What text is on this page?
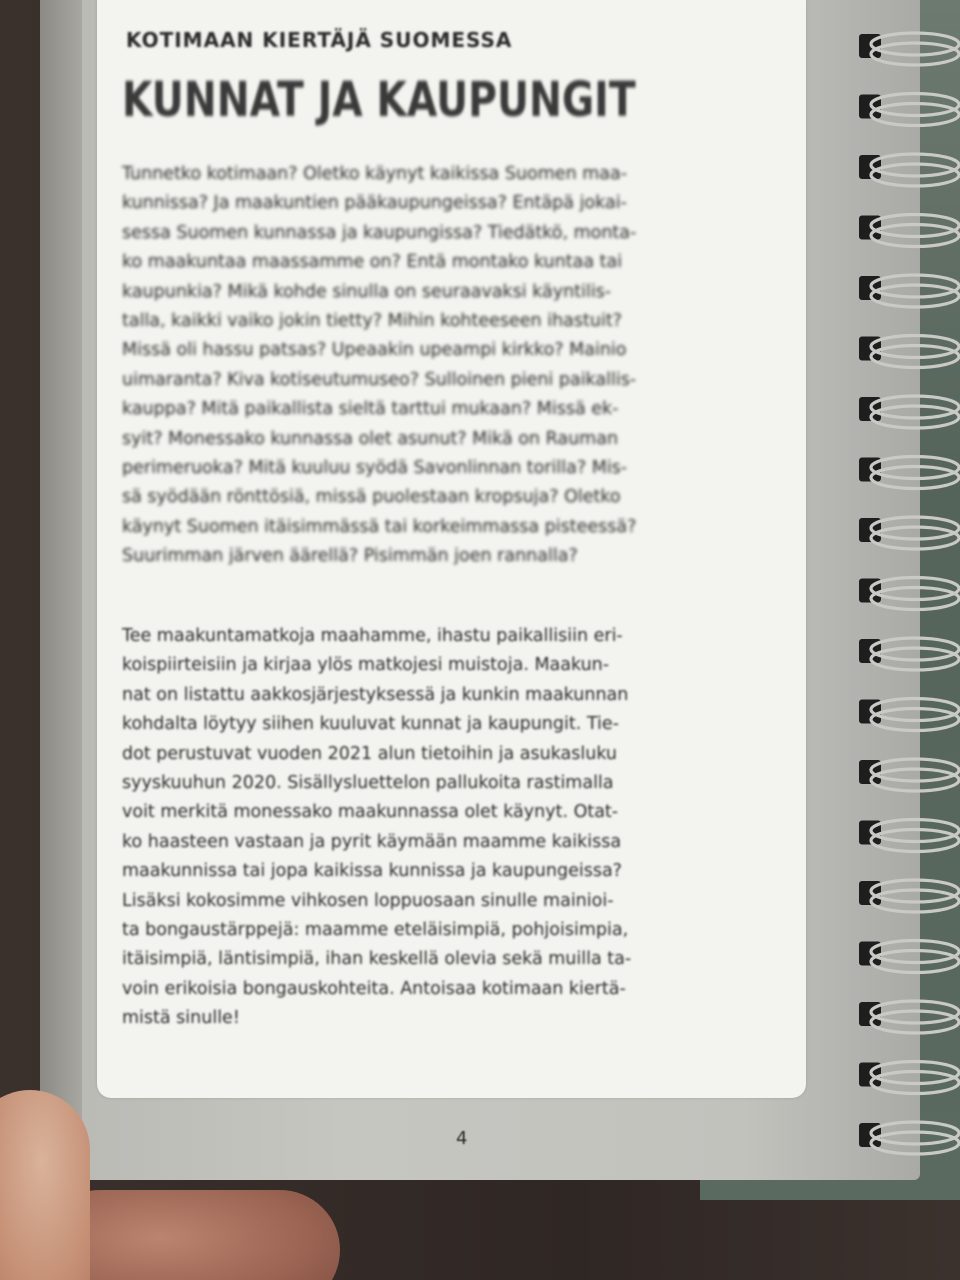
KOTIMAAN KIERTÄJÄ SUOMESSA
KUNNAT JA KAUPUNGIT

Tunnetko kotimaan? Oletko käynyt kaikissa Suomen maa-
kunnissa? Ja maakuntien pääkaupungeissa? Entäpä jokai-
sessa Suomen kunnassa ja kaupungissa? Tiedätkö, monta-
ko maakuntaa maassamme on? Entä montako kuntaa tai
kaupunkia? Mikä kohde sinulla on seuraavaksi käyntilis-
talla, kaikki vaiko jokin tietty? Mihin kohteeseen ihastuit?
Missä oli hassu patsas? Upeaakin upeampi kirkko? Mainio
uimaranta? Kiva kotiseutumuseo? Sulloinen pieni paikallis-
kauppa? Mitä paikallista sieltä tarttui mukaan? Missä ek-
syit? Monessako kunnassa olet asunut? Mikä on Rauman
perimeruokа? Mitä kuuluu syödä Savonlinnan torilla? Mis-
sä syödään rönttösiä, missä puolestaan kropsuja? Oletko
käynyt Suomen itäisimmässä tai korkeimmassa pisteessä?
Suurimman järven äärellä? Pisimmän joen rannalla?

Tee maakuntamatkoja maahamme, ihastu paikallisiin eri-
koispiirteisiin ja kirjaa ylös matkojesi muistoja. Maakun-
nat on listattu aakkosjärjestyksessä ja kunkin maakunnan
kohdalta löytyy siihen kuuluvat kunnat ja kaupungit. Tie-
dot perustuvat vuoden 2021 alun tietoihin ja asukasluku
syyskuuhun 2020. Sisällysluettelon pallukoita rastimalla
voit merkitä monessako maakunnassa olet käynyt. Otat-
ko haasteen vastaan ja pyrit käymään maamme kaikissa
maakunnissa tai jopa kaikissa kunnissa ja kaupungeissa?
Lisäksi kokosimme vihkosen loppuosaan sinulle mainioi-
ta bongaustärppejä: maamme eteläisimpiä, pohjoisimpia,
itäisimpiä, läntisimpiä, ihan keskellä olevia sekä muilla ta-
voin erikoisia bongauskohteita. Antoisaa kotimaan kiertä-
mistä sinulle!

4
